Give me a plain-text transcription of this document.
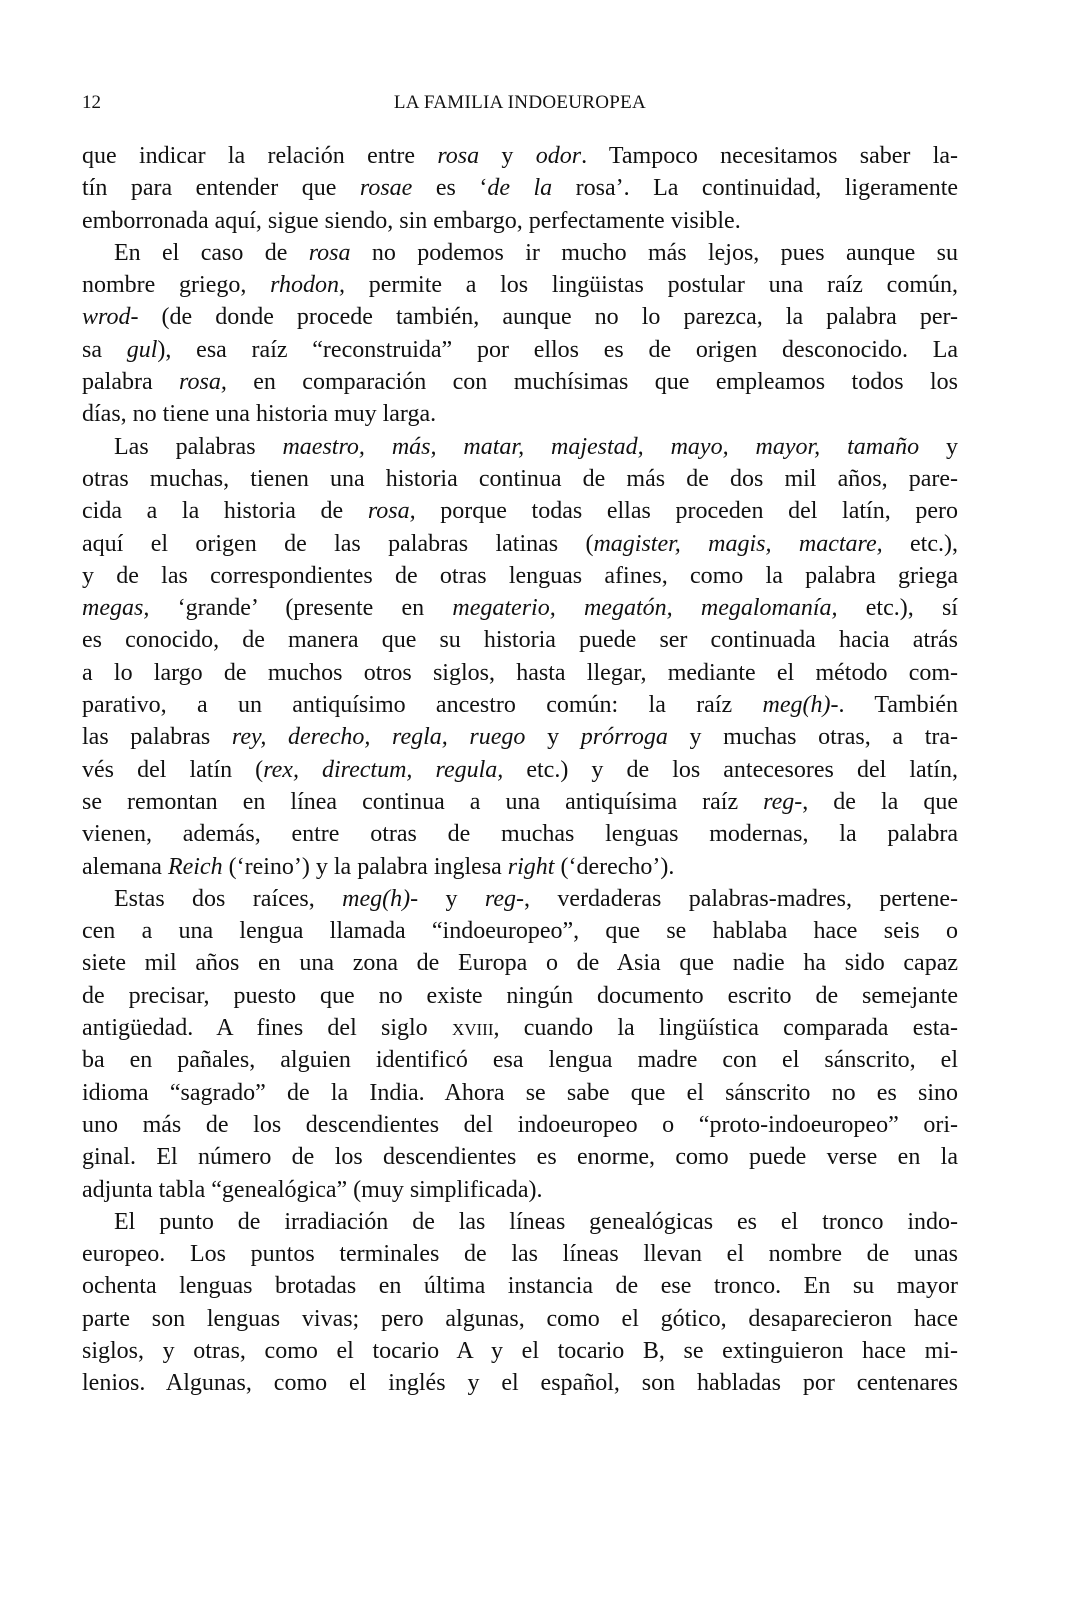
12	LA FAMILIA INDOEUROPEA
que indicar la relación entre rosa y odor. Tampoco necesitamos saber la-
tín para entender que rosae es ‘de la rosa’. La continuidad, ligeramente
emborronada aquí, sigue siendo, sin embargo, perfectamente visible.
En el caso de rosa no podemos ir mucho más lejos, pues aunque su
nombre griego, rhodon, permite a los lingüistas postular una raíz común,
wrod- (de donde procede también, aunque no lo parezca, la palabra per-
sa gul), esa raíz “reconstruida” por ellos es de origen desconocido. La
palabra rosa, en comparación con muchísimas que empleamos todos los
días, no tiene una historia muy larga.
Las palabras maestro, más, matar, majestad, mayo, mayor, tamaño y
otras muchas, tienen una historia continua de más de dos mil años, pare-
cida a la historia de rosa, porque todas ellas proceden del latín, pero
aquí el origen de las palabras latinas (magister, magis, mactare, etc.),
y de las correspondientes de otras lenguas afines, como la palabra griega
megas, ‘grande’ (presente en megaterio, megatón, megalomanía, etc.), sí
es conocido, de manera que su historia puede ser continuada hacia atrás
a lo largo de muchos otros siglos, hasta llegar, mediante el método com-
parativo, a un antiquísimo ancestro común: la raíz meg(h)-. También
las palabras rey, derecho, regla, ruego y prórroga y muchas otras, a tra-
vés del latín (rex, directum, regula, etc.) y de los antecesores del latín,
se remontan en línea continua a una antiquísima raíz reg-, de la que
vienen, además, entre otras de muchas lenguas modernas, la palabra
alemana Reich (‘reino’) y la palabra inglesa right (‘derecho’).
Estas dos raíces, meg(h)- y reg-, verdaderas palabras-madres, pertene-
cen a una lengua llamada “indoeuropeo”, que se hablaba hace seis o
siete mil años en una zona de Europa o de Asia que nadie ha sido capaz
de precisar, puesto que no existe ningún documento escrito de semejante
antigüedad. A fines del siglo xviii, cuando la lingüística comparada esta-
ba en pañales, alguien identificó esa lengua madre con el sánscrito, el
idioma “sagrado” de la India. Ahora se sabe que el sánscrito no es sino
uno más de los descendientes del indoeuropeo o “proto-indoeuropeo” ori-
ginal. El número de los descendientes es enorme, como puede verse en la
adjunta tabla “genealógica” (muy simplificada).
El punto de irradiación de las líneas genealógicas es el tronco indo-
europeo. Los puntos terminales de las líneas llevan el nombre de unas
ochenta lenguas brotadas en última instancia de ese tronco. En su mayor
parte son lenguas vivas; pero algunas, como el gótico, desaparecieron hace
siglos, y otras, como el tocario A y el tocario B, se extinguieron hace mi-
lenios. Algunas, como el inglés y el español, son habladas por centenares
